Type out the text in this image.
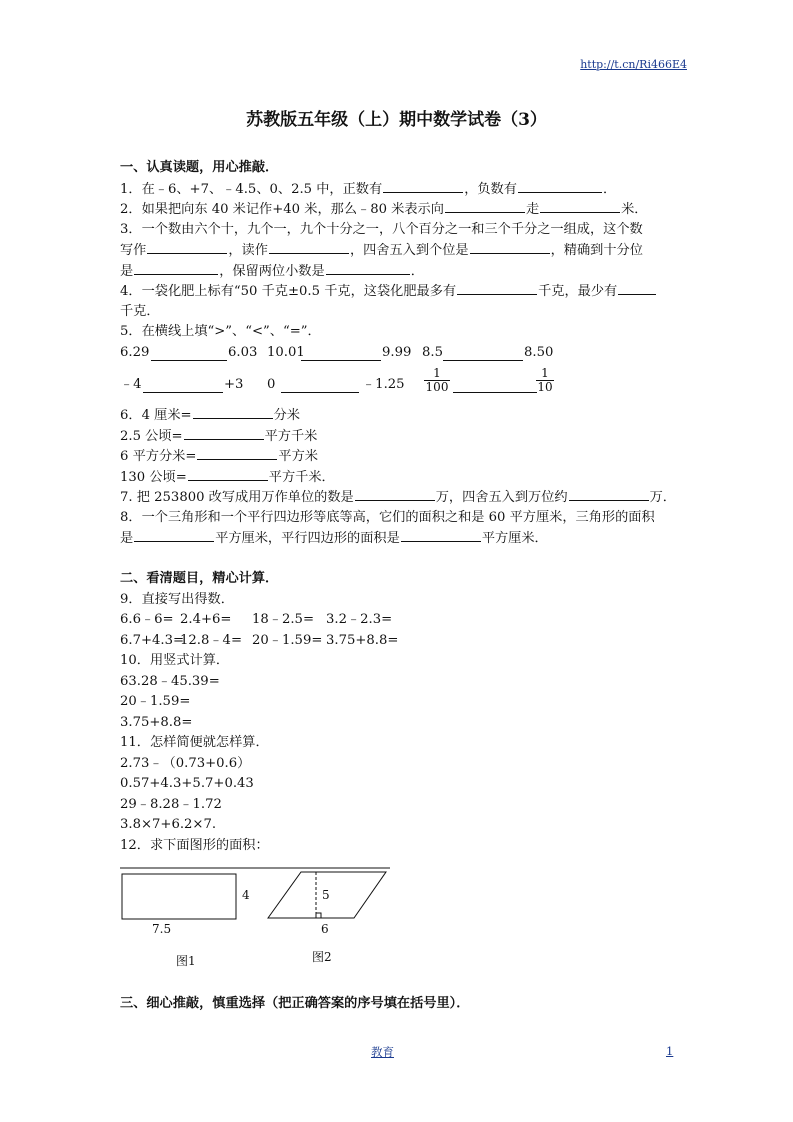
http://t.cn/Ri466E4
苏教版五年级（上）期中数学试卷（3）
一、认真读题，用心推敲．
1．在﹣6、+7、﹣4.5、0、2.5 中，正数有	，负数有	．
2．如果把向东 40 米记作+40 米，那么﹣80 米表示向	走	米．
3．一个数由六个十，九个一，九个十分之一，八个百分之一和三个千分之一组成，这个数
写作	，读作	，四舍五入到个位是	，精确到十分位
是	，保留两位小数是	．
4．一袋化肥上标有“50 千克±0.5 千克，这袋化肥最多有	千克，最少有
千克．
5．在横线上填“>”、“<”、“=”．
6.29	6.03 10.01	9.99 8.5	8.50
﹣4	+3 0	﹣1.25 $\frac{1}{100}$	$\frac{1}{10}$
6．4 厘米=	分米
2.5 公顷=	平方千米
6 平方分米=	平方米
130 公顷=	平方千米．
7. 把 253800 改写成用万作单位的数是	万，四舍五入到万位约	万．
8．一个三角形和一个平行四边形等底等高，它们的面积之和是 60 平方厘米，三角形的面积
是	平方厘米，平行四边形的面积是	平方厘米．
二、看清题目，精心计算．
9．直接写出得数．
6.6﹣6= 2.4+6= 18﹣2.5= 3.2﹣2.3=
6.7+4.3=12.8﹣4= 20﹣1.59= 3.75+8.8=
10．用竖式计算．
63.28﹣45.39=
20﹣1.59=
3.75+8.8=
11．怎样简便就怎样算．
2.73﹣（0.73+0.6）
0.57+4.3+5.7+0.43
29﹣8.28﹣1.72
3.8×7+6.2×7.
12．求下面图形的面积：
4
7.5
图1
5
6
图2
三、细心推敲，慎重选择（把正确答案的序号填在括号里）．
教育	1
